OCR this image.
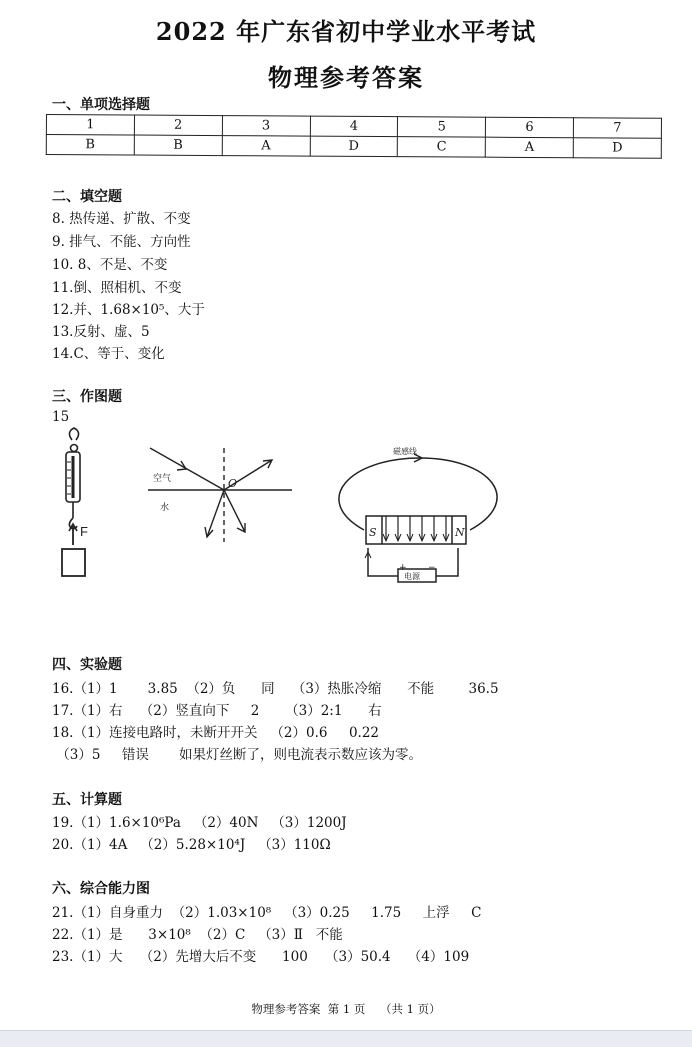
2022 年广东省初中学业水平考试
物理参考答案
一、单项选择题
1	2	3	4	5	6	7
B	B	A	D	C	A	D
二、填空题
8. 热传递、扩散、不变
9. 排气、不能、方向性
10. 8、不是、不变
11.倒、照相机、不变
12.并、1.68×10⁵、大于
13.反射、虚、5
14.C、等于、变化
三、作图题
15
F
空气
水
O
磁感线
S	N
电源
+ −
四、实验题
16.（1）1       3.85  （2）负      同    （3）热胀冷缩      不能        36.5
17.（1）右    （2）竖直向下     2      （3）2:1      右
18.（1）连接电路时，未断开开关   （2）0.6     0.22
（3）5     错误       如果灯丝断了，则电流表示数应该为零。
五、计算题
19.（1）1.6×10⁶Pa   （2）40N   （3）1200J
20.（1）4A   （2）5.28×10⁴J   （3）110Ω
六、综合能力图
21.（1）自身重力  （2）1.03×10⁸   （3）0.25     1.75     上浮     C
22.（1）是      3×10⁸  （2）C   （3）Ⅱ   不能
23.（1）大    （2）先增大后不变      100    （3）50.4    （4）109
物理参考答案  第 1 页    （共 1 页）
